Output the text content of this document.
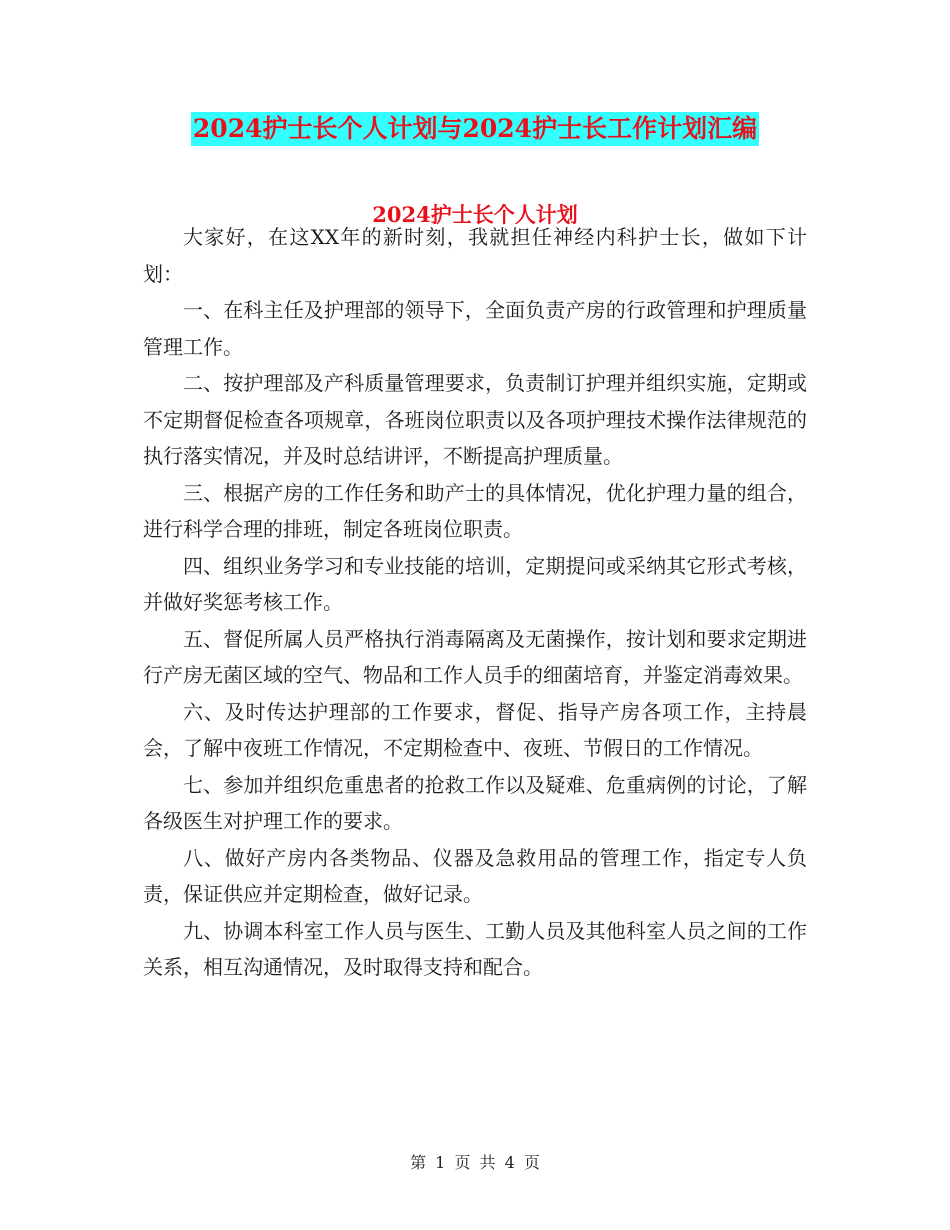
2024护士长个人计划与2024护士长工作计划汇编
2024护士长个人计划

大家好，在这XX年的新时刻，我就担任神经内科护士长，做如下计划：

一、在科主任及护理部的领导下，全面负责产房的行政管理和护理质量管理工作。

二、按护理部及产科质量管理要求，负责制订护理并组织实施，定期或不定期督促检查各项规章，各班岗位职责以及各项护理技术操作法律规范的执行落实情况，并及时总结讲评，不断提高护理质量。

三、根据产房的工作任务和助产士的具体情况，优化护理力量的组合，进行科学合理的排班，制定各班岗位职责。

四、组织业务学习和专业技能的培训，定期提问或采纳其它形式考核，并做好奖惩考核工作。

五、督促所属人员严格执行消毒隔离及无菌操作，按计划和要求定期进行产房无菌区域的空气、物品和工作人员手的细菌培育，并鉴定消毒效果。

六、及时传达护理部的工作要求，督促、指导产房各项工作，主持晨会，了解中夜班工作情况，不定期检查中、夜班、节假日的工作情况。

七、参加并组织危重患者的抢救工作以及疑难、危重病例的讨论，了解各级医生对护理工作的要求。

八、做好产房内各类物品、仪器及急救用品的管理工作，指定专人负责，保证供应并定期检查，做好记录。

九、协调本科室工作人员与医生、工勤人员及其他科室人员之间的工作关系，相互沟通情况，及时取得支持和配合。

第 1 页 共 4 页
